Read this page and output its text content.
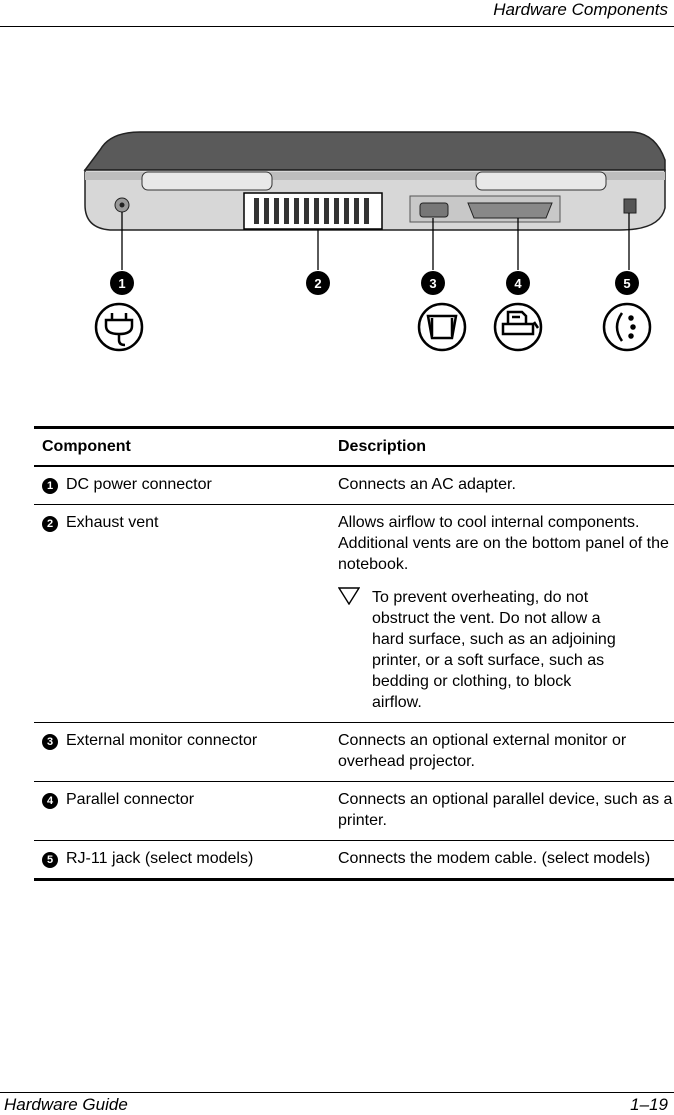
Hardware Components
1	2	3	4	5
Component		Description
1	DC power connector	Connects an AC adapter.
2	Exhaust vent	Allows airflow to cool internal components. Additional vents are on the bottom panel of the notebook.
To prevent overheating, do not obstruct the vent. Do not allow a hard surface, such as an adjoining printer, or a soft surface, such as bedding or clothing, to block airflow.

3	External monitor connector	Connects an optional external monitor or overhead projector.
4	Parallel connector	Connects an optional parallel device, such as a printer.
5	RJ-11 jack (select models)	Connects the modem cable. (select models)
Hardware Guide	1–19
